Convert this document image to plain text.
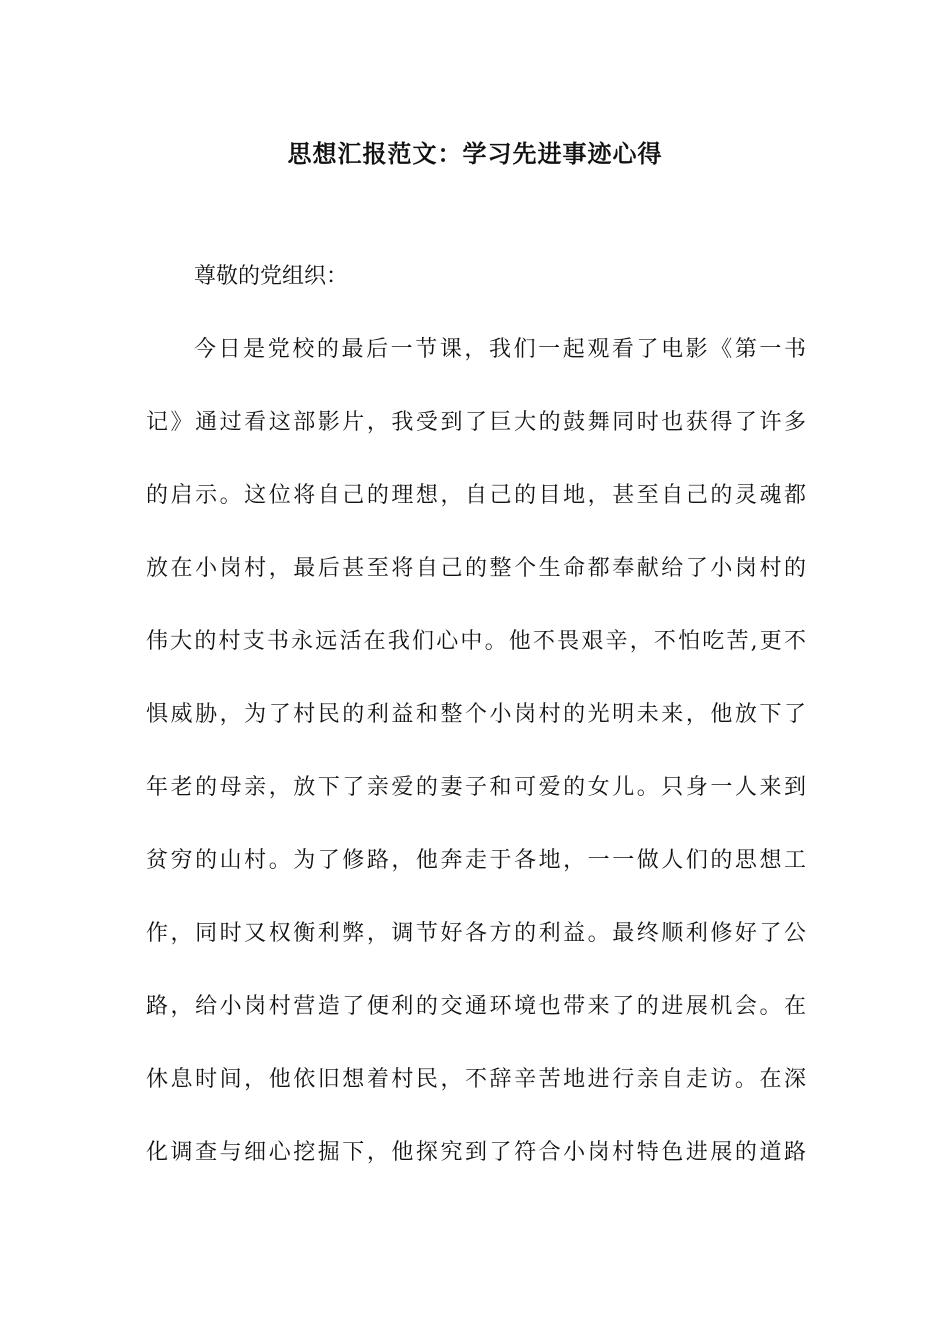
思想汇报范文：学习先进事迹心得

尊敬的党组织：

今日是党校的最后一节课，我们一起观看了电影《第一书
记》通过看这部影片，我受到了巨大的鼓舞同时也获得了许多
的启示。这位将自己的理想，自己的目地，甚至自己的灵魂都
放在小岗村，最后甚至将自己的整个生命都奉献给了小岗村的
伟大的村支书永远活在我们心中。他不畏艰辛，不怕吃苦,更不
惧威胁，为了村民的利益和整个小岗村的光明未来，他放下了
年老的母亲，放下了亲爱的妻子和可爱的女儿。只身一人来到
贫穷的山村。为了修路，他奔走于各地，一一做人们的思想工
作，同时又权衡利弊，调节好各方的利益。最终顺利修好了公
路，给小岗村营造了便利的交通环境也带来了的进展机会。在
休息时间，他依旧想着村民，不辞辛苦地进行亲自走访。在深
化调查与细心挖掘下，他探究到了符合小岗村特色进展的道路
